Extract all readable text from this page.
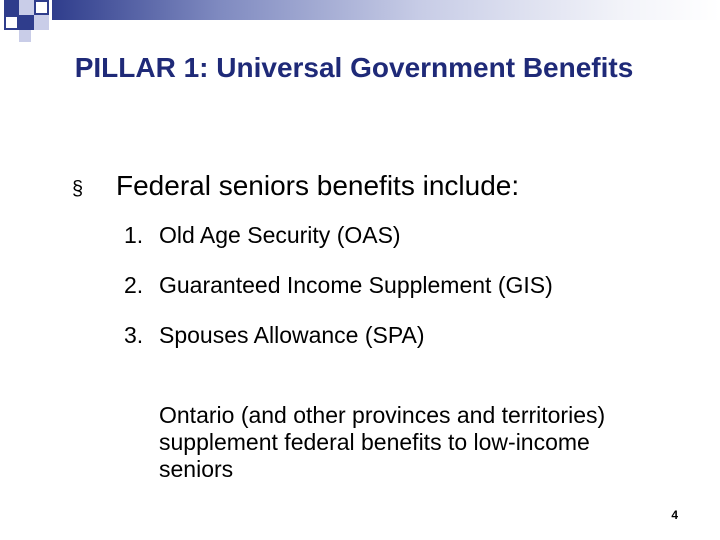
PILLAR 1: Universal Government Benefits
§ Federal seniors benefits include:
1. Old Age Security (OAS)
2. Guaranteed Income Supplement (GIS)
3. Spouses Allowance (SPA)
Ontario (and other provinces and territories) supplement federal benefits to low-income seniors
4
